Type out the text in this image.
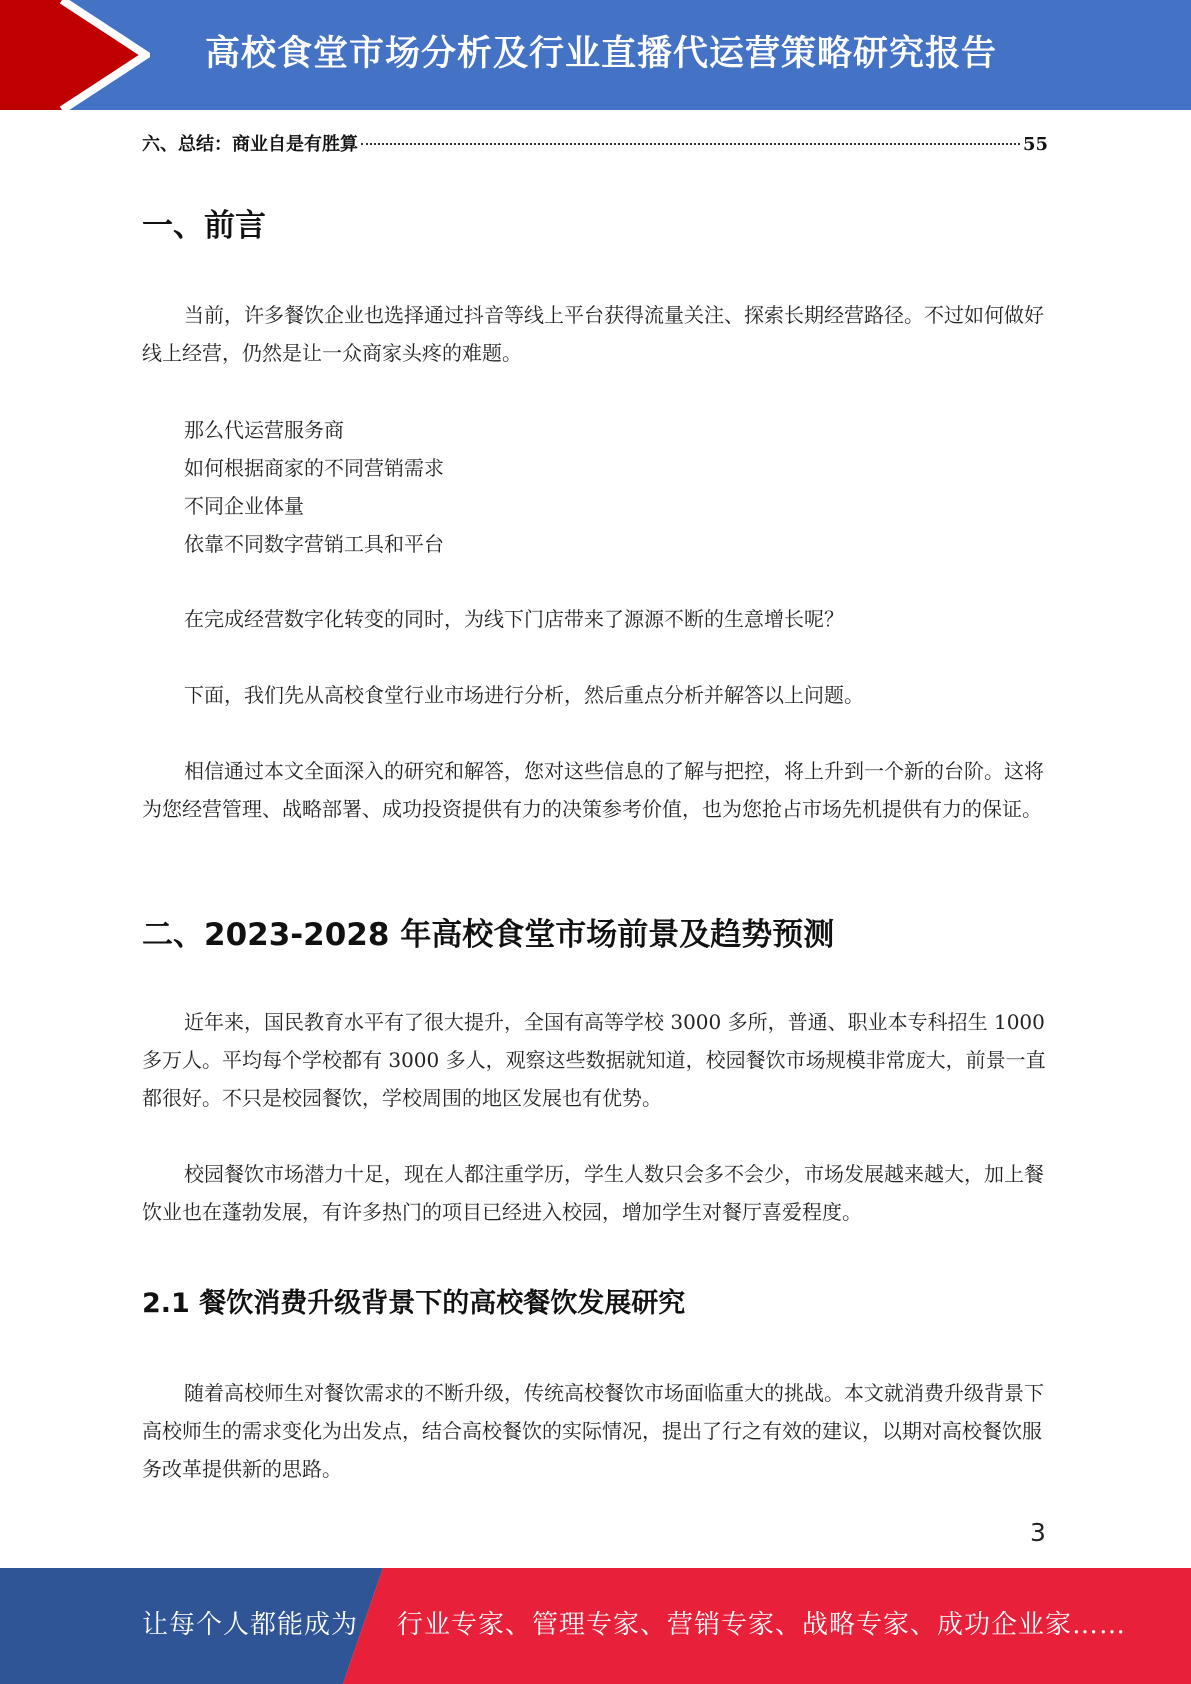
高校食堂市场分析及行业直播代运营策略研究报告
六、总结：商业自是有胜算	55
一、前言

当前，许多餐饮企业也选择通过抖音等线上平台获得流量关注、探索长期经营路径。不过如何做好线上经营，仍然是让一众商家头疼的难题。

那么代运营服务商

如何根据商家的不同营销需求

不同企业体量

依靠不同数字营销工具和平台

在完成经营数字化转变的同时，为线下门店带来了源源不断的生意增长呢？

下面，我们先从高校食堂行业市场进行分析，然后重点分析并解答以上问题。

相信通过本文全面深入的研究和解答，您对这些信息的了解与把控，将上升到一个新的台阶。这将为您经营管理、战略部署、成功投资提供有力的决策参考价值，也为您抢占市场先机提供有力的保证。

二、2023-2028 年高校食堂市场前景及趋势预测

近年来，国民教育水平有了很大提升，全国有高等学校 3000 多所，普通、职业本专科招生 1000 多万人。平均每个学校都有 3000 多人，观察这些数据就知道，校园餐饮市场规模非常庞大，前景一直都很好。不只是校园餐饮，学校周围的地区发展也有优势。

校园餐饮市场潜力十足，现在人都注重学历，学生人数只会多不会少，市场发展越来越大，加上餐饮业也在蓬勃发展，有许多热门的项目已经进入校园，增加学生对餐厅喜爱程度。

2.1 餐饮消费升级背景下的高校餐饮发展研究

随着高校师生对餐饮需求的不断升级，传统高校餐饮市场面临重大的挑战。本文就消费升级背景下高校师生的需求变化为出发点，结合高校餐饮的实际情况，提出了行之有效的建议，以期对高校餐饮服务改革提供新的思路。

3
让每个人都能成为 行业专家、管理专家、营销专家、战略专家、成功企业家……
